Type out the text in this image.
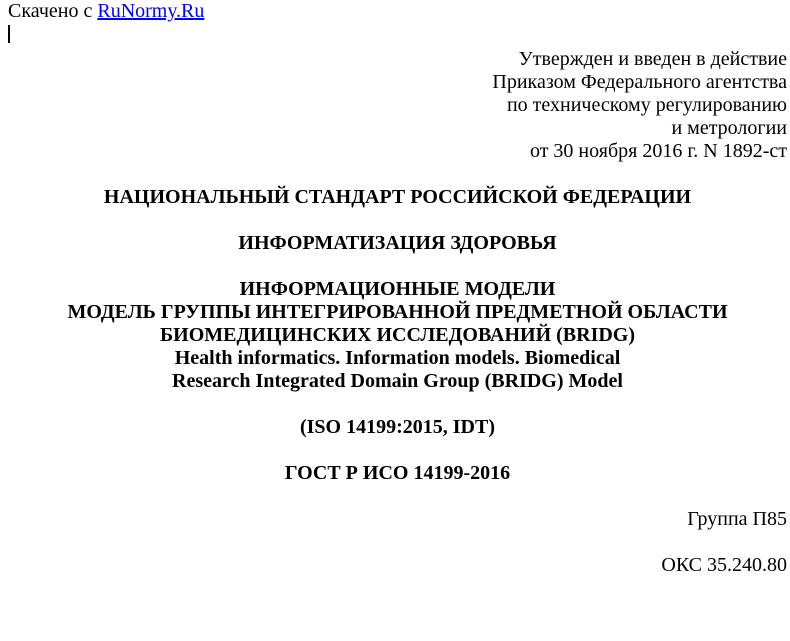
Скачено с RuNormy.Ru

Утвержден и введен в действие

Приказом Федерального агентства

по техническому регулированию

и метрологии

от 30 ноября 2016 г. N 1892-ст

НАЦИОНАЛЬНЫЙ СТАНДАРТ РОССИЙСКОЙ ФЕДЕРАЦИИ

ИНФОРМАТИЗАЦИЯ ЗДОРОВЬЯ

ИНФОРМАЦИОННЫЕ МОДЕЛИ

МОДЕЛЬ ГРУППЫ ИНТЕГРИРОВАННОЙ ПРЕДМЕТНОЙ ОБЛАСТИ

БИОМЕДИЦИНСКИХ ИССЛЕДОВАНИЙ (BRIDG)

Health informatics. Information models. Biomedical

Research Integrated Domain Group (BRIDG) Model

(ISO 14199:2015, IDT)

ГОСТ Р ИСО 14199-2016

Группа П85

ОКС 35.240.80
